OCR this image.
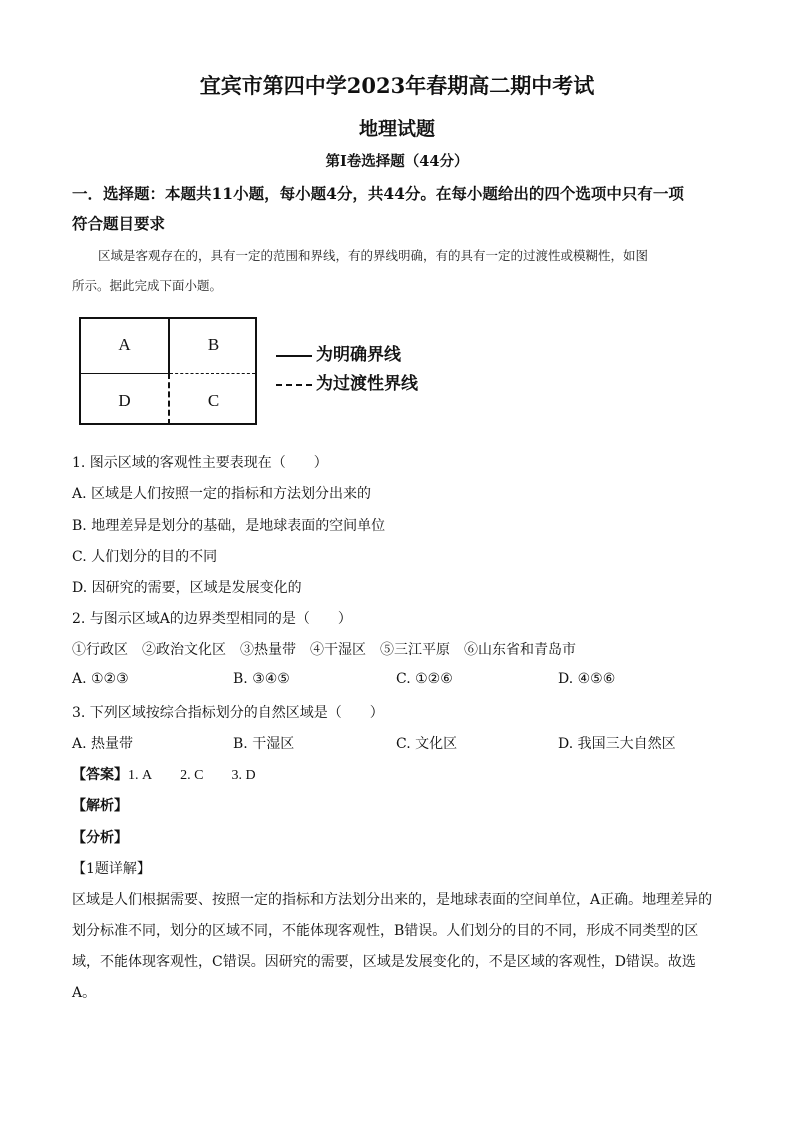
宜宾市第四中学2023年春期高二期中考试
地理试题
第Ⅰ卷选择题（44分）
一．选择题：本题共11小题，每小题4分，共44分。在每小题给出的四个选项中只有一项
符合题目要求
区域是客观存在的，具有一定的范围和界线，有的界线明确，有的具有一定的过渡性或模糊性，如图
所示。据此完成下面小题。
A	B
D	C
为明确界线
为过渡性界线
1. 图示区域的客观性主要表现在（　　）
A. 区域是人们按照一定的指标和方法划分出来的
B. 地理差异是划分的基础，是地球表面的空间单位
C. 人们划分的目的不同
D. 因研究的需要，区域是发展变化的
2. 与图示区域A的边界类型相同的是（　　）
①行政区　②政治文化区　③热量带　④干湿区　⑤三江平原　⑥山东省和青岛市
A. ①②③	B. ③④⑤	C. ①②⑥	D. ④⑤⑥
3. 下列区域按综合指标划分的自然区域是（　　）
A. 热量带	B. 干湿区	C. 文化区	D. 我国三大自然区
【答案】1. A 2. C 3. D
【解析】
【分析】
【1题详解】
区域是人们根据需要、按照一定的指标和方法划分出来的，是地球表面的空间单位，A正确。地理差异的
划分标准不同，划分的区域不同，不能体现客观性，B错误。人们划分的目的不同，形成不同类型的区
域，不能体现客观性，C错误。因研究的需要，区域是发展变化的，不是区域的客观性，D错误。故选
A。
